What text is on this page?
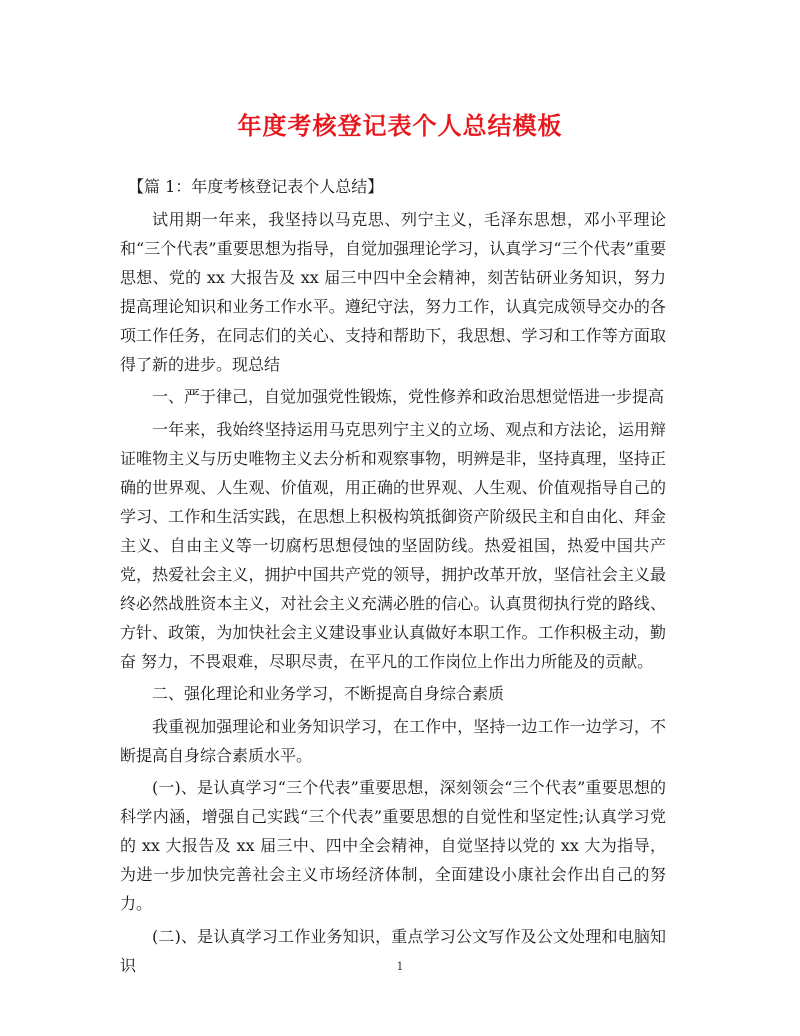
年度考核登记表个人总结模板

【篇 1：年度考核登记表个人总结】

试用期一年来，我坚持以马克思、列宁主义，毛泽东思想，邓小平理论和“三个代表”重要思想为指导，自觉加强理论学习，认真学习“三个代表”重要思想、党的 xx 大报告及 xx 届三中四中全会精神，刻苦钻研业务知识，努力提高理论知识和业务工作水平。遵纪守法，努力工作，认真完成领导交办的各项工作任务，在同志们的关心、支持和帮助下，我思想、学习和工作等方面取得了新的进步。现总结

一、严于律己，自觉加强党性锻炼，党性修养和政治思想觉悟进一步提高

一年来，我始终坚持运用马克思列宁主义的立场、观点和方法论，运用辩证唯物主义与历史唯物主义去分析和观察事物，明辨是非，坚持真理，坚持正确的世界观、人生观、价值观，用正确的世界观、人生观、价值观指导自己的学习、工作和生活实践，在思想上积极构筑抵御资产阶级民主和自由化、拜金主义、自由主义等一切腐朽思想侵蚀的坚固防线。热爱祖国，热爱中国共产党，热爱社会主义，拥护中国共产党的领导，拥护改革开放，坚信社会主义最终必然战胜资本主义，对社会主义充满必胜的信心。认真贯彻执行党的路线、方针、政策，为加快社会主义建设事业认真做好本职工作。工作积极主动，勤奋 努力，不畏艰难，尽职尽责，在平凡的工作岗位上作出力所能及的贡献。

二、强化理论和业务学习，不断提高自身综合素质

我重视加强理论和业务知识学习，在工作中，坚持一边工作一边学习，不断提高自身综合素质水平。

(一)、是认真学习“三个代表”重要思想，深刻领会“三个代表”重要思想的科学内涵，增强自己实践“三个代表”重要思想的自觉性和坚定性;认真学习党的 xx 大报告及 xx 届三中、四中全会精神，自觉坚持以党的 xx 大为指导，为进一步加快完善社会主义市场经济体制，全面建设小康社会作出自己的努力。

(二)、是认真学习工作业务知识，重点学习公文写作及公文处理和电脑知识	1
